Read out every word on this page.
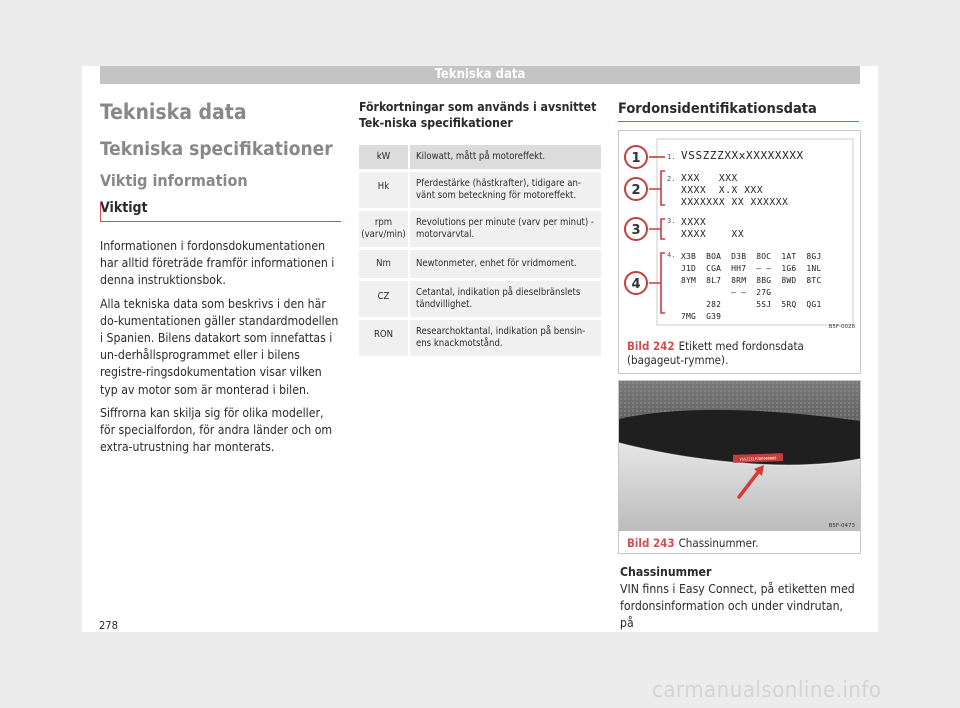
Tekniska data
Tekniska data
Tekniska specifikationer
Viktig information
Viktigt

Informationen i fordonsdokumentationen har alltid företräde framför informationen i denna instruktionsbok.

Alla tekniska data som beskrivs i den här do-kumentationen gäller standardmodellen i Spanien. Bilens datakort som innefattas i un-derhållsprogrammet eller i bilens registre-ringsdokumentation visar vilken typ av motor som är monterad i bilen.

Siffrorna kan skilja sig för olika modeller, för specialfordon, för andra länder och om extra-utrustning har monterats.

Förkortningar som används i avsnittet Tek-niska specifikationer
kW	Kilowatt, mått på motoreffekt.
Hk	Pferdestärke (hästkrafter), tidigare an-vänt som beteckning för motoreffekt.
rpm (varv/min)	Revolutions per minute (varv per minut) - motorvarvtal.
Nm	Newtonmeter, enhet för vridmoment.
CZ	Cetantal, indikation på dieselbränslets tändvillighet.
RON	Researchoktantal, indikation på bensin-ens knackmotstånd.
Fordonsidentifikationsdata
1
2
3
4
1.
2.
3.
4.
VSSZZZXXxXXXXXXXX
XXX   XXX
XXXX  X.X XXX
XXXXXXX XX XXXXXX
XXXX
XXXX    XX
X3B  BOA  D3B  8OC  1AT  8GJ
J1D  CGA  HH7  — —  1G6  1NL
8YM  8L7  8RM  8BG  8WD  8TC
— —  27G
282       5SJ  5RQ  QG1
7MG  G39
B5F-0028
Bild 242 Etikett med fordonsdata (bagageut-rymme).
VSSZZZ1PZDR000000
B5F-0473
Bild 243 Chassinummer.
Chassinummer
VIN finns i Easy Connect, på etiketten med fordonsinformation och under vindrutan, på
278
carmanualsonline.info
